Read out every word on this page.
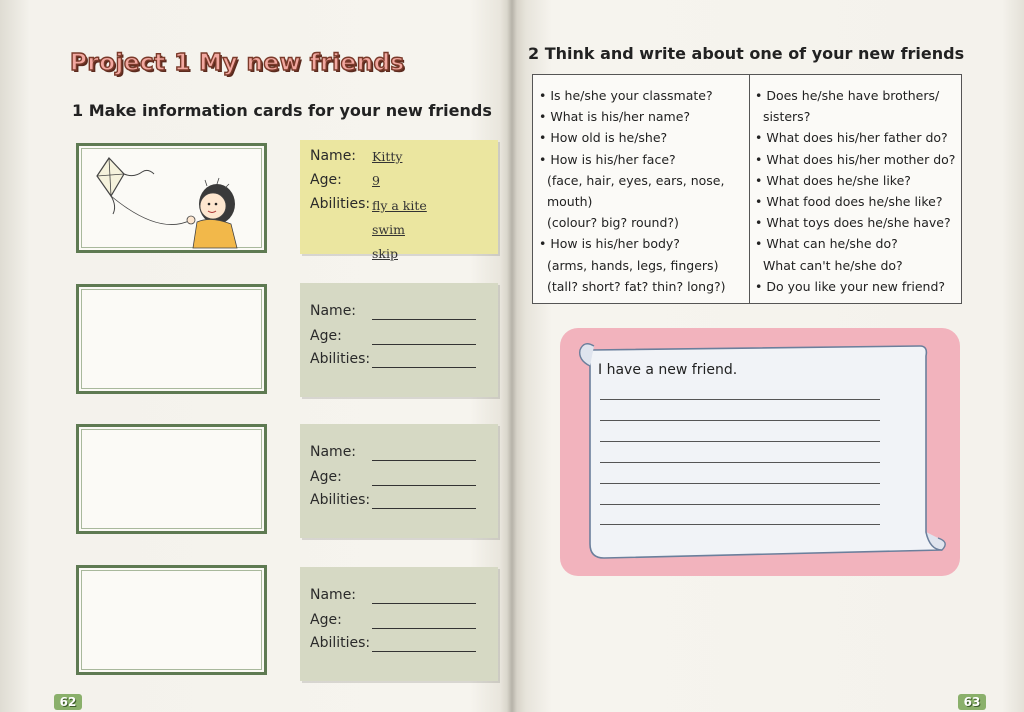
Project 1 My new friends
1 Make information cards for your new friends
Name: Kitty
Age: 9
Abilities: fly a kite
swim
skip
Name:
Age:
Abilities:
Name:
Age:
Abilities:
Name:
Age:
Abilities:
62
2 Think and write about one of your new friends
• Is he/she your classmate?
• What is his/her name?
• How old is he/she?
• How is his/her face?
(face, hair, eyes, ears, nose,
mouth)
(colour? big? round?)
• How is his/her body?
(arms, hands, legs, fingers)
(tall? short? fat? thin? long?)
• Does he/she have brothers/
sisters?
• What does his/her father do?
• What does his/her mother do?
• What does he/she like?
• What food does he/she like?
• What toys does he/she have?
• What can he/she do?
What can't he/she do?
• Do you like your new friend?
I have a new friend.
63
